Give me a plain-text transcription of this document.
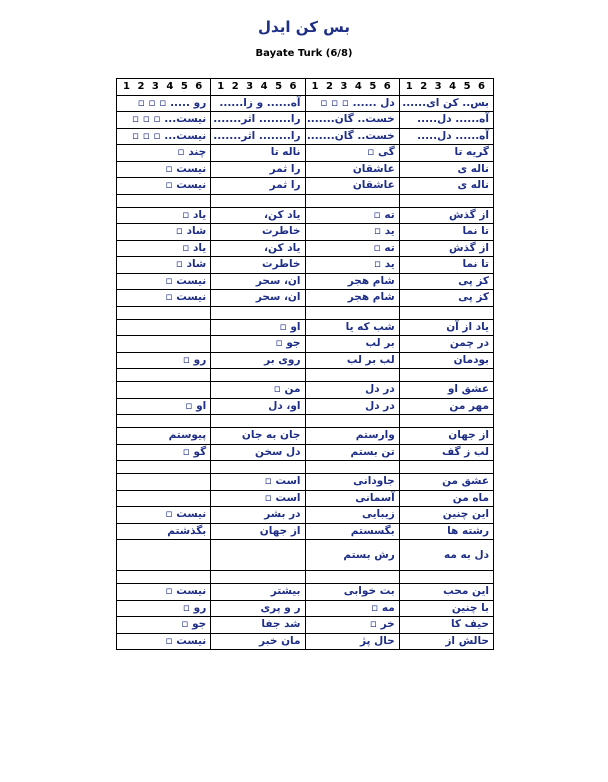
بس کن ایدل
Bayate Turk (6/8)
6 5 4 3 2 1	6 5 4 3 2 1	6 5 4 3 2 1	6 5 4 3 2 1
بس.. کن ای......	دل ...... ▫ ▫ ▫	آه...... و زا......	رو ..... ▫ ▫ ▫
آه...... دل.....	خست.. گان.......	را........ اثر.......	نیست... ▫ ▫ ▫
آه...... دل.....	خست.. گان.......	را........ اثر.......	نیست... ▫ ▫ ▫
گریه تا	گی ▫	ناله تا	چند ▫
ناله ی	عاشقان	را ثمر	نیست ▫
ناله ی	عاشقان	را ثمر	نیست ▫

از گذش	ته ▫	یاد کن،	یاد ▫
تا نما	ید ▫	خاطرت	شاد ▫
از گذش	ته ▫	یاد کن،	یاد ▫
تا نما	ید ▫	خاطرت	شاد ▫
کز پی	شام هجر	ان، سحر	نیست ▫
کز پی	شام هجر	ان، سحر	نیست ▫

یاد از آن	شب که یا	او ▫	
در چمن	بر لب	جو ▫	
بودمان	لب بر لب	روی بر	رو ▫

عشق او	در دل	من ▫	
مهر من	در دل	او، دل	او ▫

از جهان	وارستم	جان به جان	پیوستم
لب ز گف	تن بستم	دل سخن	گو ▫

عشق من	جاودانی	است ▫	
ماه من	آسمانی	است ▫	
این چنین	زیبایی	در بشر	نیست ▫
رشته ها	بگسستم	از جهان	بگذشتم
دل به مه	رش بستم		

این محب	بت خوابی	بیشتر	نیست ▫
با چنین	مه ▫	ر و پری	رو ▫
حیف کا	خر ▫	شد جفا	جو ▫
حالش از	حال پژ	مان خبر	نیست ▫
